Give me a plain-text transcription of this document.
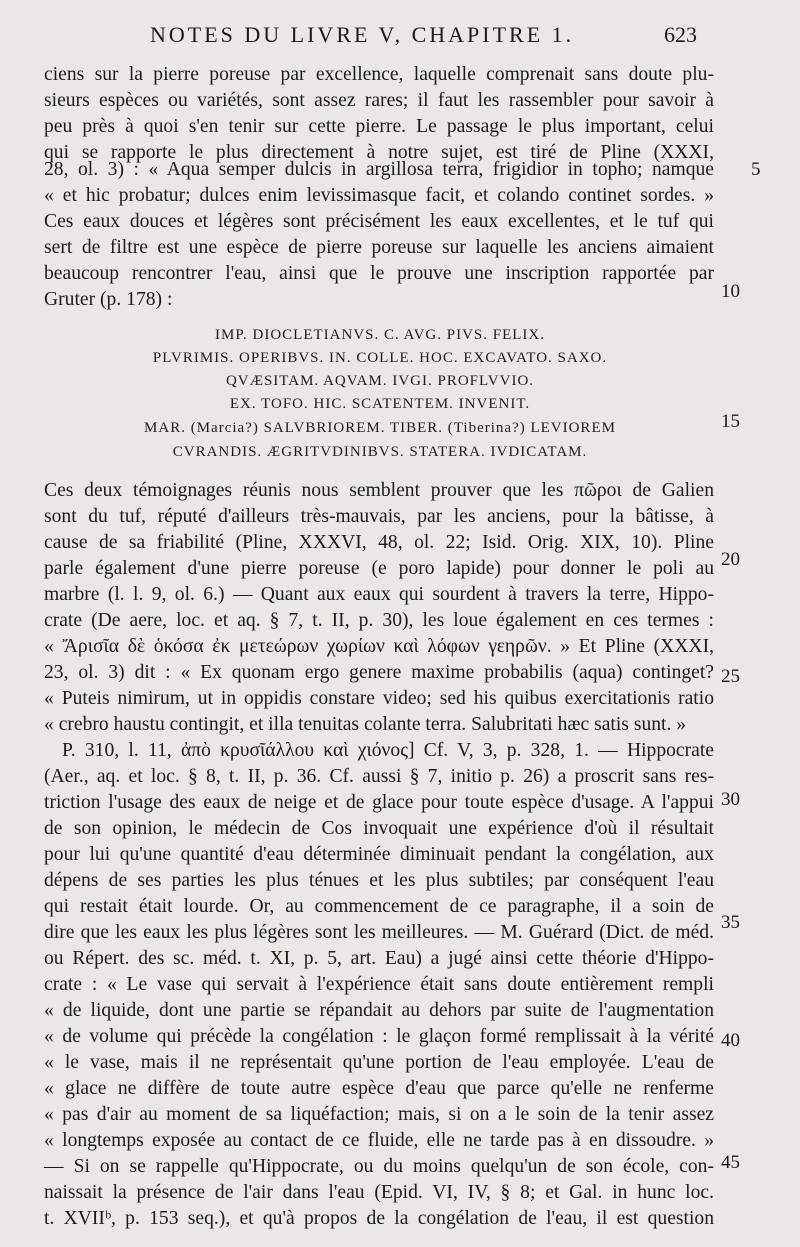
NOTES DU LIVRE V, CHAPITRE 1.	623
ciens sur la pierre poreuse par excellence, laquelle comprenait sans doute plu-
sieurs espèces ou variétés, sont assez rares; il faut les rassembler pour savoir à
peu près à quoi s'en tenir sur cette pierre. Le passage le plus important, celui
qui se rapporte le plus directement à notre sujet, est tiré de Pline (XXXI,
28, ol. 3) : « Aqua semper dulcis in argillosa terra, frigidior in topho; namque
« et hic probatur; dulces enim levissimasque facit, et colando continet sordes. »
Ces eaux douces et légères sont précisément les eaux excellentes, et le tuf qui
sert de filtre est une espèce de pierre poreuse sur laquelle les anciens aimaient
beaucoup rencontrer l'eau, ainsi que le prouve une inscription rapportée par
Gruter (p. 178) :
IMP. DIOCLETIANVS. C. AVG. PIVS. FELIX.
PLVRIMIS. OPERIBVS. IN. COLLE. HOC. EXCAVATO. SAXO.
QVÆSITAM. AQVAM. IVGI. PROFLVVIO.
EX. TOFO. HIC. SCATENTEM. INVENIT.
MAR. (Marcia?) SALVBRIOREM. TIBER. (Tiberina?) LEVIOREM
CVRANDIS. ÆGRITVDINIBVS. STATERA. IVDICATAM.
Ces deux témoignages réunis nous semblent prouver que les πῶροι de Galien
sont du tuf, réputé d'ailleurs très-mauvais, par les anciens, pour la bâtisse, à
cause de sa friabilité (Pline, XXXVI, 48, ol. 22; Isid. Orig. XIX, 10). Pline
parle également d'une pierre poreuse (e poro lapide) pour donner le poli au
marbre (l. l. 9, ol. 6.) — Quant aux eaux qui sourdent à travers la terre, Hippo-
crate (De aere, loc. et aq. § 7, t. II, p. 30), les loue également en ces termes :
« Ἄρισῖα δὲ ὁκόσα ἐκ μετεώρων χωρίων καὶ λόφων γεηρῶν. » Et Pline (XXXI,
23, ol. 3) dit : « Ex quonam ergo genere maxime probabilis (aqua) continget?
« Puteis nimirum, ut in oppidis constare video; sed his quibus exercitationis ratio
« crebro haustu contingit, et illa tenuitas colante terra. Salubritati hæc satis sunt. »
P. 310, l. 11, ἀπὸ κρυσῖάλλου καὶ χιόνος] Cf. V, 3, p. 328, 1. — Hippocrate
(Aer., aq. et loc. § 8, t. II, p. 36. Cf. aussi § 7, initio p. 26) a proscrit sans res-
triction l'usage des eaux de neige et de glace pour toute espèce d'usage. A l'appui
de son opinion, le médecin de Cos invoquait une expérience d'où il résultait
pour lui qu'une quantité d'eau déterminée diminuait pendant la congélation, aux
dépens de ses parties les plus ténues et les plus subtiles; par conséquent l'eau
qui restait était lourde. Or, au commencement de ce paragraphe, il a soin de
dire que les eaux les plus légères sont les meilleures. — M. Guérard (Dict. de méd.
ou Répert. des sc. méd. t. XI, p. 5, art. Eau) a jugé ainsi cette théorie d'Hippo-
crate : « Le vase qui servait à l'expérience était sans doute entièrement rempli
« de liquide, dont une partie se répandait au dehors par suite de l'augmentation
« de volume qui précède la congélation : le glaçon formé remplissait à la vérité
« le vase, mais il ne représentait qu'une portion de l'eau employée. L'eau de
« glace ne diffère de toute autre espèce d'eau que parce qu'elle ne renferme
« pas d'air au moment de sa liquéfaction; mais, si on a le soin de la tenir assez
« longtemps exposée au contact de ce fluide, elle ne tarde pas à en dissoudre. »
— Si on se rappelle qu'Hippocrate, ou du moins quelqu'un de son école, con-
naissait la présence de l'air dans l'eau (Epid. VI, IV, § 8; et Gal. in hunc loc.
t. XVIIᵇ, p. 153 seq.), et qu'à propos de la congélation de l'eau, il est question
5
10
15
20
25
30
35
40
45
